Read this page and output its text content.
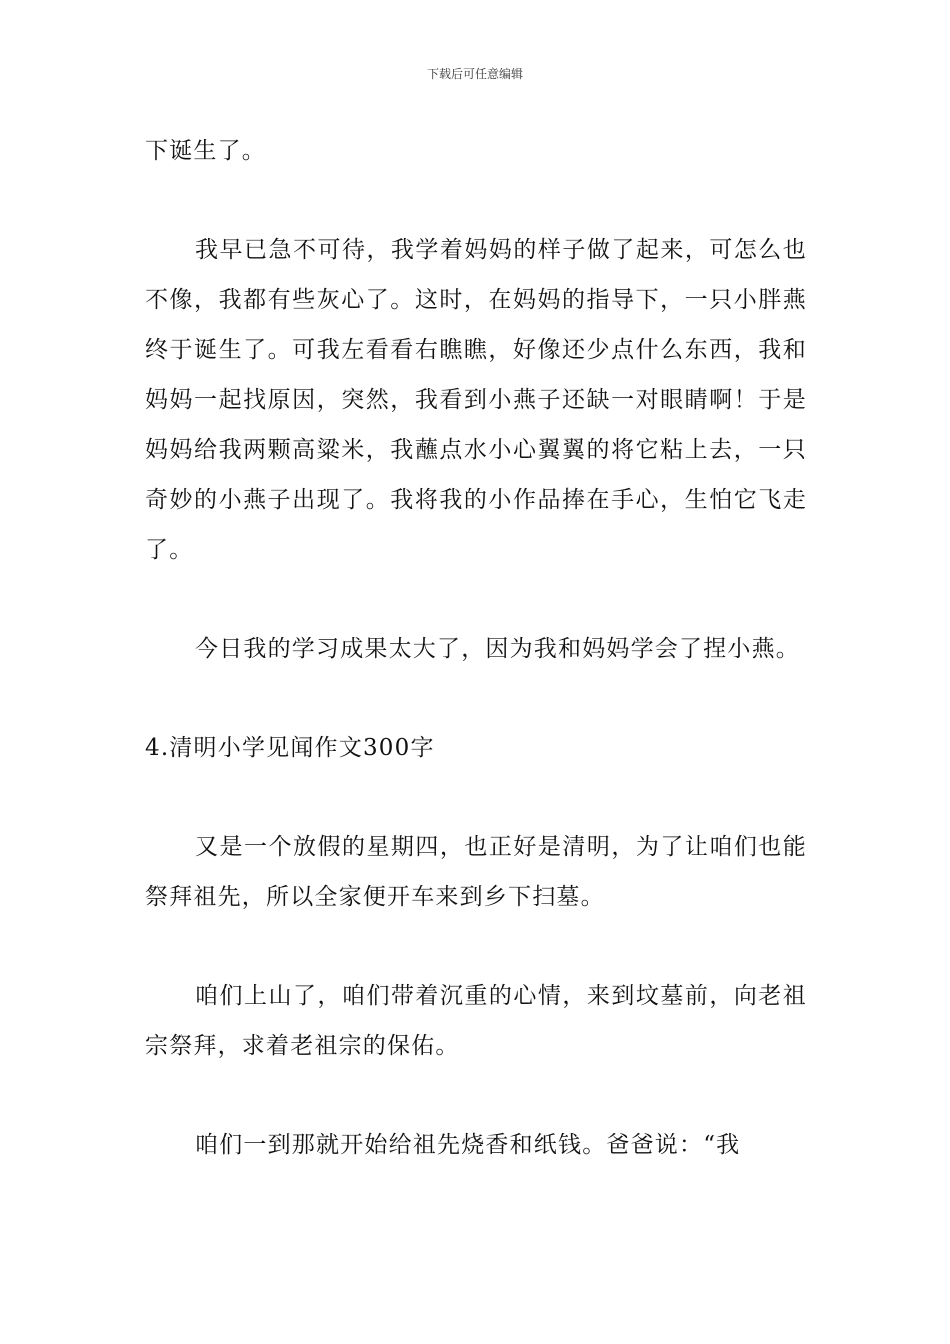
下载后可任意编辑

下诞生了。

我早已急不可待，我学着妈妈的样子做了起来，可怎么也不像，我都有些灰心了。这时，在妈妈的指导下，一只小胖燕终于诞生了。可我左看看右瞧瞧，好像还少点什么东西，我和妈妈一起找原因，突然，我看到小燕子还缺一对眼睛啊！于是妈妈给我两颗高粱米，我蘸点水小心翼翼的将它粘上去，一只奇妙的小燕子出现了。我将我的小作品捧在手心，生怕它飞走了。

今日我的学习成果太大了，因为我和妈妈学会了捏小燕。

4.清明小学见闻作文300字

又是一个放假的星期四，也正好是清明，为了让咱们也能祭拜祖先，所以全家便开车来到乡下扫墓。

咱们上山了，咱们带着沉重的心情，来到坟墓前，向老祖宗祭拜，求着老祖宗的保佑。

咱们一到那就开始给祖先烧香和纸钱。爸爸说：“我
